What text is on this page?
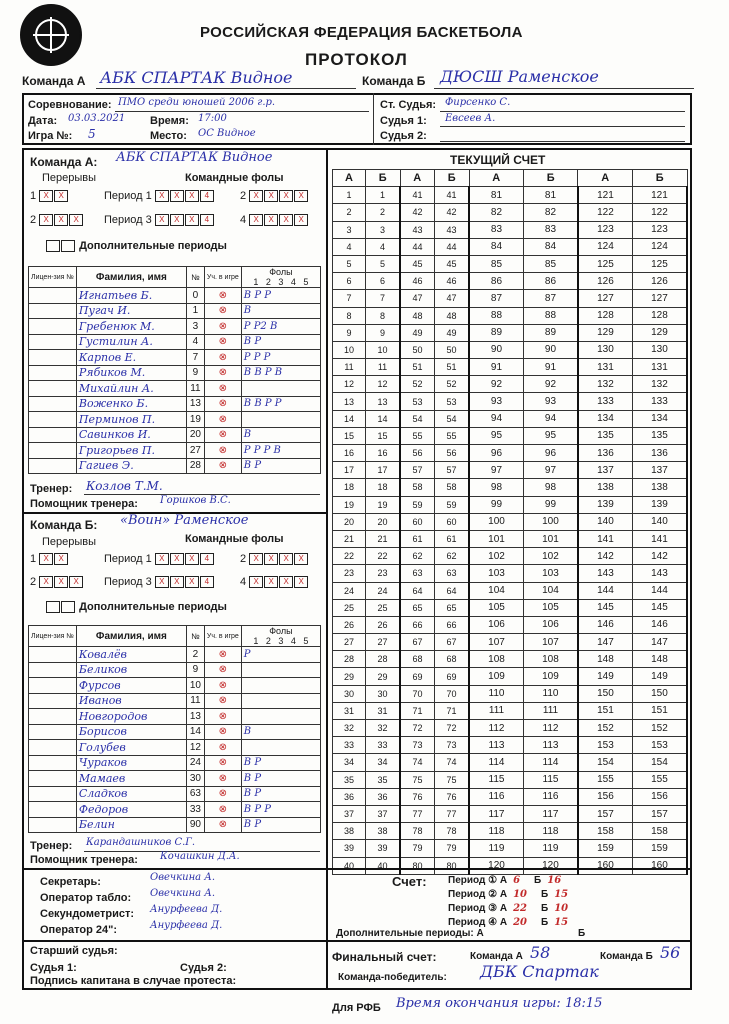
РОССИЙСКАЯ ФЕДЕРАЦИЯ БАСКЕТБОЛА
ПРОТОКОЛ
Команда А АБК СПАРТАК Видное	Команда Б ДЮСШ Раменское
Соревнование: ПМО среди юношей 2006 г.р.
Дата: 03.03.2021 Время: 17:00
Игра №: 5	Место: ОС Видное
Ст. Судья: Фирсенко С.
Судья 1: Евсеев А.
Судья 2:
Команда А: АБК СПАРТАК Видное
Перерывы	Командные фолы
1 X X	Период 1 X X X 4	2 X X X X
2 X X X	Период 3 X X X 4	4 X X X X
Дополнительные периоды
Лицен-зия №	Фамилия, имя	№	Уч. в игре	Фолы
1   2   3   4   5
	Игнатьев Б.	0	⊗	В Р Р
	Пугач И.	1	⊗	В
	Гребенюк М.	3	⊗	Р Р2 В
	Густилин А.	4	⊗	В Р
	Карпов Е.	7	⊗	Р Р Р
	Рябиков М.	9	⊗	В В Р В
	Михайлин А.	11	⊗	
	Воженко Б.	13	⊗	В В Р Р
	Перминов П.	19	⊗	
	Савинков И.	20	⊗	В
	Григорьев П.	27	⊗	Р Р Р В
	Гагиев Э.	28	⊗	В Р
Тренер: Козлов Т.М.
Помощник тренера: Горшков В.С.
Команда Б: «Воин» Раменское
Перерывы	Командные фолы
1 X X	Период 1 X X X 4	2 X X X X
2 X X X	Период 3 X X X 4	4 X X X X
Дополнительные периоды
Лицен-зия №	Фамилия, имя	№	Уч. в игре	Фолы
1   2   3   4   5
	Ковалёв	2	⊗	Р
	Беликов	9	⊗	
	Фурсов	10	⊗	
	Иванов	11	⊗	
	Новгородов	13	⊗	
	Борисов	14	⊗	В
	Голубев	12	⊗	
	Чураков	24	⊗	В Р
	Мамаев	30	⊗	В Р
	Сладков	63	⊗	В Р
	Федоров	33	⊗	В Р Р
	Белин	90	⊗	В Р
Тренер: Карандашников С.Г.
Помощник тренера: Кочашкин Д.А.
Секретарь:	Овечкина А.
Оператор табло: Овечкина А.
Секундометрист: Анурфеева Д.
Оператор 24":	Анурфеева Д.
Старший судья:
Судья 1:	Судья 2:
Подпись капитана в случае протеста:
ТЕКУЩИЙ СЧЕТ
А	Б	А	Б	А	Б	А	Б
1	1	41	41	81	81	121	121
2	2	42	42	82	82	122	122
3	3	43	43	83	83	123	123
4	4	44	44	84	84	124	124
5	5	45	45	85	85	125	125
6	6	46	46	86	86	126	126
7	7	47	47	87	87	127	127
8	8	48	48	88	88	128	128
9	9	49	49	89	89	129	129
10	10	50	50	90	90	130	130
11	11	51	51	91	91	131	131
12	12	52	52	92	92	132	132
13	13	53	53	93	93	133	133
14	14	54	54	94	94	134	134
15	15	55	55	95	95	135	135
16	16	56	56	96	96	136	136
17	17	57	57	97	97	137	137
18	18	58	58	98	98	138	138
19	19	59	59	99	99	139	139
20	20	60	60	100	100	140	140
21	21	61	61	101	101	141	141
22	22	62	62	102	102	142	142
23	23	63	63	103	103	143	143
24	24	64	64	104	104	144	144
25	25	65	65	105	105	145	145
26	26	66	66	106	106	146	146
27	27	67	67	107	107	147	147
28	28	68	68	108	108	148	148
29	29	69	69	109	109	149	149
30	30	70	70	110	110	150	150
31	31	71	71	111	111	151	151
32	32	72	72	112	112	152	152
33	33	73	73	113	113	153	153
34	34	74	74	114	114	154	154
35	35	75	75	115	115	155	155
36	36	76	76	116	116	156	156
37	37	77	77	117	117	157	157
38	38	78	78	118	118	158	158
39	39	79	79	119	119	159	159
40	40	80	80	120	120	160	160
Счет: Период ① А 6 Б 16
Период ② А 10 Б 15
Период ③ А 22 Б 10
Период ④ А 20 Б 15
Дополнительные периоды: А	Б
Финальный счет:	Команда А 58	Команда Б 56
Команда-победитель: ДБК Спартак
Для РФБ Время окончания игры: 18:15
